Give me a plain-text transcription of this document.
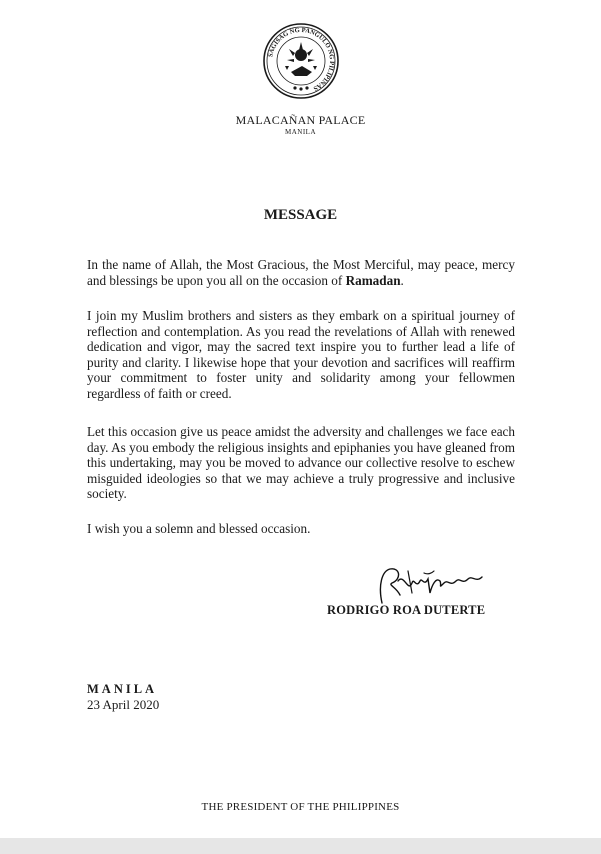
SAGISAG NG PANGULO NG PILIPINAS
MALACAÑAN PALACE
MANILA
MESSAGE
In the name of Allah, the Most Gracious, the Most Merciful, may peace, mercy and blessings be upon you all on the occasion of Ramadan.
I join my Muslim brothers and sisters as they embark on a spiritual journey of reflection and contemplation. As you read the revelations of Allah with renewed dedication and vigor, may the sacred text inspire you to further lead a life of purity and clarity. I likewise hope that your devotion and sacrifices will reaffirm your commitment to foster unity and solidarity among your fellowmen regardless of faith or creed.
Let this occasion give us peace amidst the adversity and challenges we face each day. As you embody the religious insights and epiphanies you have gleaned from this undertaking, may you be moved to advance our collective resolve to eschew misguided ideologies so that we may achieve a truly progressive and inclusive society.
I wish you a solemn and blessed occasion.
RODRIGO ROA DUTERTE
MANILA
23 April 2020
THE PRESIDENT OF THE PHILIPPINES
